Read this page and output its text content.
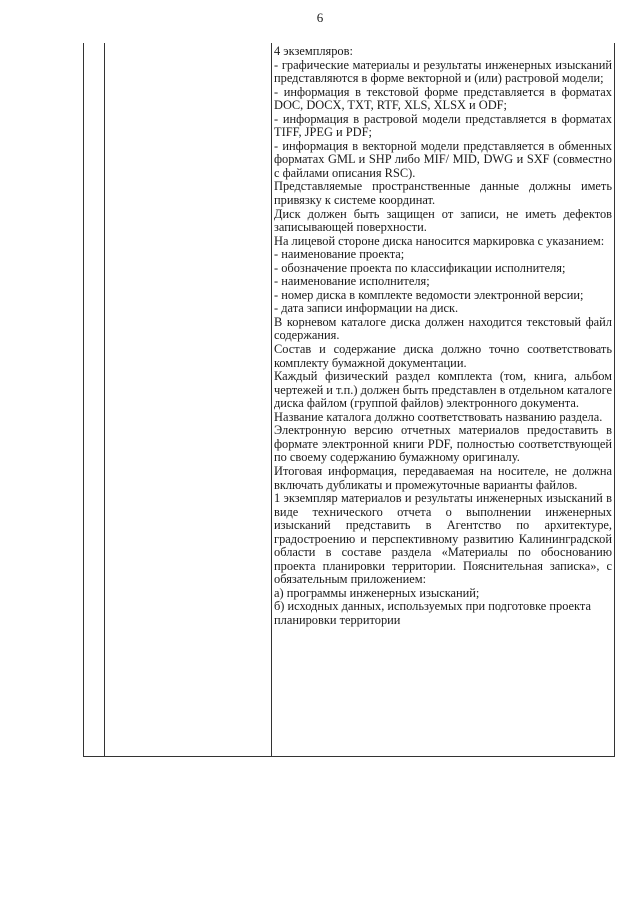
6

4 экземпляров:

- графические материалы и результаты инженерных изысканий представляются в форме векторной и (или) растровой модели;

- информация в текстовой форме представляется в форматах DOC, DOCX, TXT, RTF, XLS, XLSX и ODF;

- информация в растровой модели представляется в форматах TIFF, JPEG и PDF;

- информация в векторной модели представляется в обменных форматах GML и SHP либо MIF/ MID, DWG и SXF (совместно с файлами описания RSC).

Представляемые пространственные данные должны иметь привязку к системе координат.

Диск должен быть защищен от записи, не иметь дефектов записывающей поверхности.

На лицевой стороне диска наносится маркировка с указанием:

- наименование проекта;

- обозначение проекта по классификации исполнителя;

- наименование исполнителя;

- номер диска в комплекте ведомости электронной версии;

- дата записи информации на диск.

В корневом каталоге диска должен находится текстовый файл содержания.

Состав и содержание диска должно точно соответствовать комплекту бумажной документации.

Каждый физический раздел комплекта (том, книга, альбом чертежей и т.п.) должен быть представлен в отдельном каталоге диска файлом (группой файлов) электронного документа.

Название каталога должно соответствовать названию раздела.

Электронную версию отчетных материалов предоставить в формате электронной книги PDF, полностью соответствующей по своему содержанию бумажному оригиналу.

Итоговая информация, передаваемая на носителе, не должна включать дубликаты и промежуточные варианты файлов.

1 экземпляр материалов и результаты инженерных изысканий в виде технического отчета о выполнении инженерных изысканий представить в Агентство по архитектуре, градостроению и перспективному развитию Калининградской области в составе раздела «Материалы по обоснованию проекта планировки территории. Пояснительная записка», с обязательным приложением:

а) программы инженерных изысканий;

б) исходных данных, используемых при подготовке проекта планировки территории
